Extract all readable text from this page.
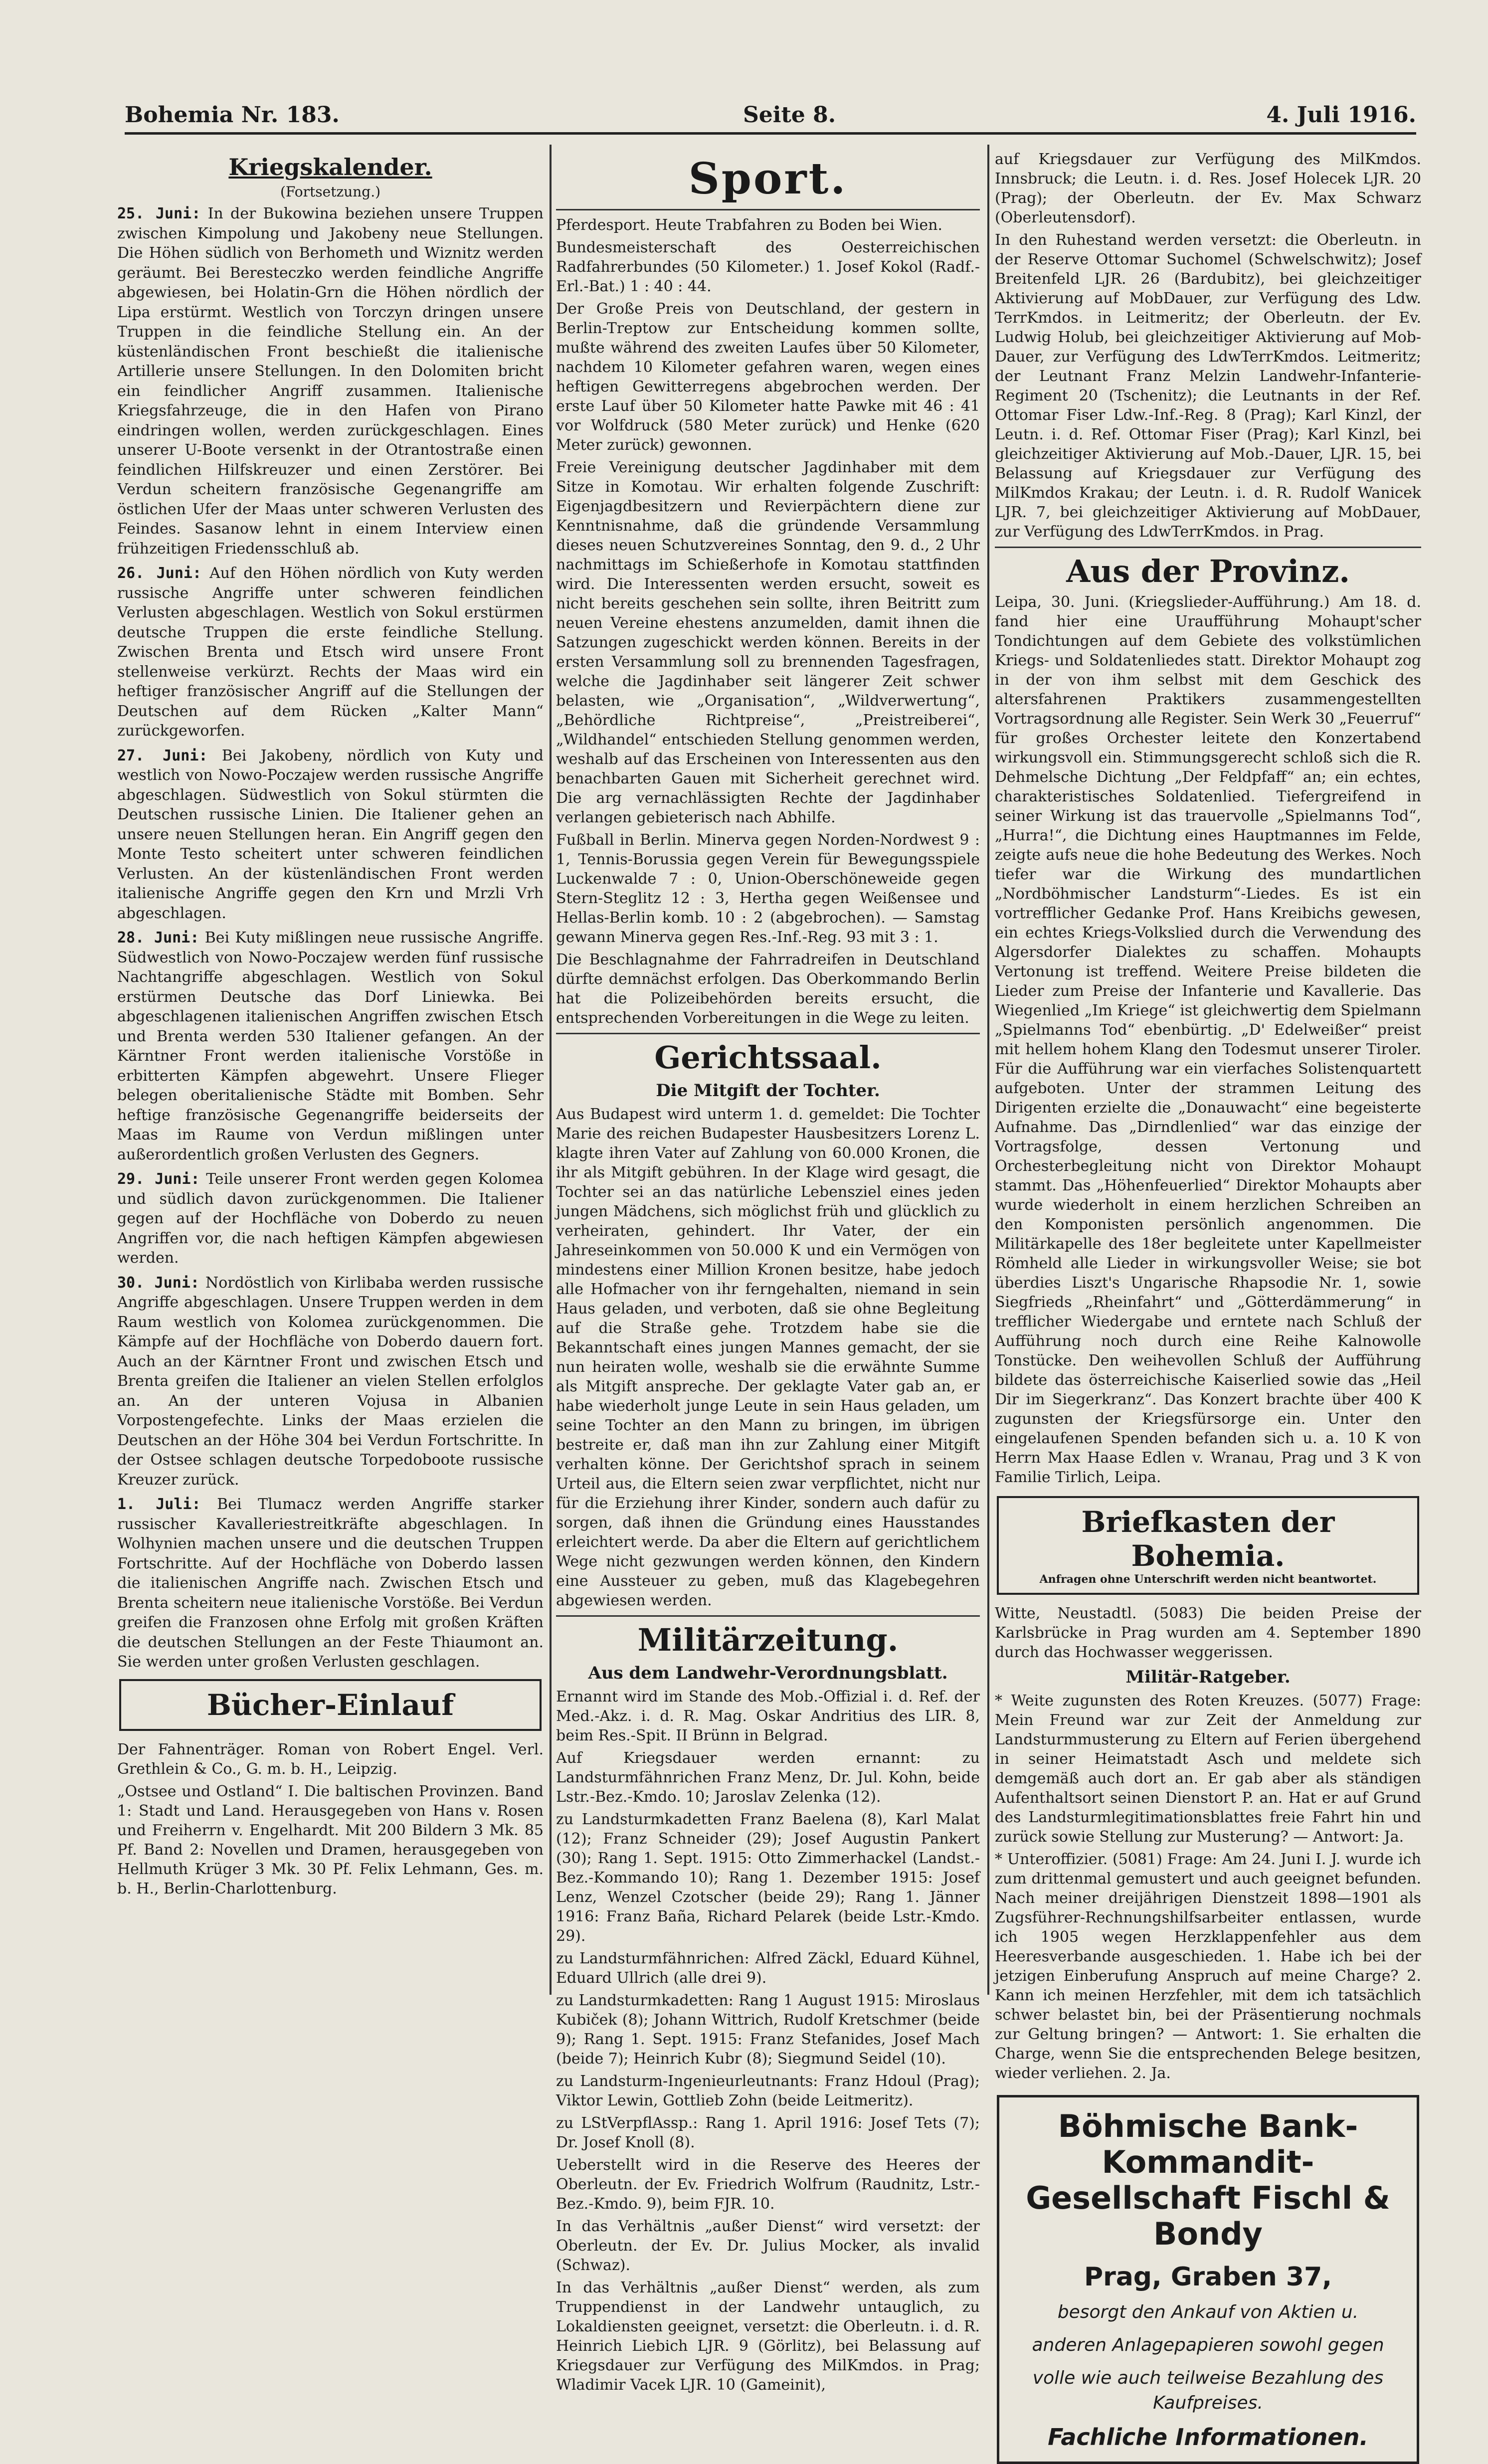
Bohemia Nr. 183.	Seite 8.	4. Juli 1916.
Kriegskalender.
(Fortsetzung.)
25. Juni: In der Bukowina beziehen unsere Truppen zwischen Kimpolung und Jakobeny neue Stellungen. Die Höhen südlich von Berhometh und Wiznitz werden geräumt. Bei Beresteczko werden feindliche Angriffe abgewiesen, bei Holatin-Grn die Höhen nördlich der Lipa erstürmt. Westlich von Torczyn dringen unsere Truppen in die feindliche Stellung ein. An der küstenländischen Front beschießt die italienische Artillerie unsere Stellungen. In den Dolomiten bricht ein feindlicher Angriff zusammen. Italienische Kriegsfahrzeuge, die in den Hafen von Pirano eindringen wollen, werden zurückgeschlagen. Eines unserer U-Boote versenkt in der Otrantostraße einen feindlichen Hilfskreuzer und einen Zerstörer. Bei Verdun scheitern französische Gegenangriffe am östlichen Ufer der Maas unter schweren Verlusten des Feindes. Sasanow lehnt in einem Interview einen frühzeitigen Friedensschluß ab.
26. Juni: Auf den Höhen nördlich von Kuty werden russische Angriffe unter schweren feindlichen Verlusten abgeschlagen. Westlich von Sokul erstürmen deutsche Truppen die erste feindliche Stellung. Zwischen Brenta und Etsch wird unsere Front stellenweise verkürzt. Rechts der Maas wird ein heftiger französischer Angriff auf die Stellungen der Deutschen auf dem Rücken „Kalter Mann“ zurückgeworfen.
27. Juni: Bei Jakobeny, nördlich von Kuty und westlich von Nowo-Poczajew werden russische Angriffe abgeschlagen. Südwestlich von Sokul stürmten die Deutschen russische Linien. Die Italiener gehen an unsere neuen Stellungen heran. Ein Angriff gegen den Monte Testo scheitert unter schweren feindlichen Verlusten. An der küstenländischen Front werden italienische Angriffe gegen den Krn und Mrzli Vrh abgeschlagen.
28. Juni: Bei Kuty mißlingen neue russische Angriffe. Südwestlich von Nowo-Poczajew werden fünf russische Nachtangriffe abgeschlagen. Westlich von Sokul erstürmen Deutsche das Dorf Liniewka. Bei abgeschlagenen italienischen Angriffen zwischen Etsch und Brenta werden 530 Italiener gefangen. An der Kärntner Front werden italienische Vorstöße in erbitterten Kämpfen abgewehrt. Unsere Flieger belegen oberitalienische Städte mit Bomben. Sehr heftige französische Gegenangriffe beiderseits der Maas im Raume von Verdun mißlingen unter außerordentlich großen Verlusten des Gegners.
29. Juni: Teile unserer Front werden gegen Kolomea und südlich davon zurückgenommen. Die Italiener gegen auf der Hochfläche von Doberdo zu neuen Angriffen vor, die nach heftigen Kämpfen abgewiesen werden.
30. Juni: Nordöstlich von Kirlibaba werden russische Angriffe abgeschlagen. Unsere Truppen werden in dem Raum westlich von Kolomea zurückgenommen. Die Kämpfe auf der Hochfläche von Doberdo dauern fort. Auch an der Kärntner Front und zwischen Etsch und Brenta greifen die Italiener an vielen Stellen erfolglos an. An der unteren Vojusa in Albanien Vorpostengefechte. Links der Maas erzielen die Deutschen an der Höhe 304 bei Verdun Fortschritte. In der Ostsee schlagen deutsche Torpedoboote russische Kreuzer zurück.
1. Juli: Bei Tlumacz werden Angriffe starker russischer Kavalleriestreitkräfte abgeschlagen. In Wolhynien machen unsere und die deutschen Truppen Fortschritte. Auf der Hochfläche von Doberdo lassen die italienischen Angriffe nach. Zwischen Etsch und Brenta scheitern neue italienische Vorstöße. Bei Verdun greifen die Franzosen ohne Erfolg mit großen Kräften die deutschen Stellungen an der Feste Thiaumont an. Sie werden unter großen Verlusten geschlagen.
Bücher-Einlauf

Der Fahnenträger. Roman von Robert Engel. Verl. Grethlein & Co., G. m. b. H., Leipzig.

„Ostsee und Ostland“ I. Die baltischen Provinzen. Band 1: Stadt und Land. Herausgegeben von Hans v. Rosen und Freiherrn v. Engelhardt. Mit 200 Bildern 3 Mk. 85 Pf. Band 2: Novellen und Dramen, herausgegeben von Hellmuth Krüger 3 Mk. 30 Pf. Felix Lehmann, Ges. m. b. H., Berlin-Charlottenburg.

Sport.

Pferdesport. Heute Trabfahren zu Boden bei Wien.

Bundesmeisterschaft des Oesterreichischen Radfahrerbundes (50 Kilometer.) 1. Josef Kokol (Radf.-Erl.-Bat.) 1 : 40 : 44.

Der Große Preis von Deutschland, der gestern in Berlin-Treptow zur Entscheidung kommen sollte, mußte während des zweiten Laufes über 50 Kilometer, nachdem 10 Kilometer gefahren waren, wegen eines heftigen Gewitterregens abgebrochen werden. Der erste Lauf über 50 Kilometer hatte Pawke mit 46 : 41 vor Wolfdruck (580 Meter zurück) und Henke (620 Meter zurück) gewonnen.

Freie Vereinigung deutscher Jagdinhaber mit dem Sitze in Komotau. Wir erhalten folgende Zuschrift: Eigenjagdbesitzern und Revierpächtern diene zur Kenntnisnahme, daß die gründende Versammlung dieses neuen Schutzvereines Sonntag, den 9. d., 2 Uhr nachmittags im Schießerhofe in Komotau stattfinden wird. Die Interessenten werden ersucht, soweit es nicht bereits geschehen sein sollte, ihren Beitritt zum neuen Vereine ehestens anzumelden, damit ihnen die Satzungen zugeschickt werden können. Bereits in der ersten Versammlung soll zu brennenden Tagesfragen, welche die Jagdinhaber seit längerer Zeit schwer belasten, wie „Organisation“, „Wildverwertung“, „Behördliche Richtpreise“, „Preistreiberei“, „Wildhandel“ entschieden Stellung genommen werden, weshalb auf das Erscheinen von Interessenten aus den benachbarten Gauen mit Sicherheit gerechnet wird. Die arg vernachlässigten Rechte der Jagdinhaber verlangen gebieterisch nach Abhilfe.

Fußball in Berlin. Minerva gegen Norden-Nordwest 9 : 1, Tennis-Borussia gegen Verein für Bewegungsspiele Luckenwalde 7 : 0, Union-Oberschöneweide gegen Stern-Steglitz 12 : 3, Hertha gegen Weißensee und Hellas-Berlin komb. 10 : 2 (abgebrochen). — Samstag gewann Minerva gegen Res.-Inf.-Reg. 93 mit 3 : 1.

Die Beschlagnahme der Fahrradreifen in Deutschland dürfte demnächst erfolgen. Das Oberkommando Berlin hat die Polizeibehörden bereits ersucht, die entsprechenden Vorbereitungen in die Wege zu leiten.

Gerichtssaal.
Die Mitgift der Tochter.

Aus Budapest wird unterm 1. d. gemeldet: Die Tochter Marie des reichen Budapester Hausbesitzers Lorenz L. klagte ihren Vater auf Zahlung von 60.000 Kronen, die ihr als Mitgift gebühren. In der Klage wird gesagt, die Tochter sei an das natürliche Lebensziel eines jeden jungen Mädchens, sich möglichst früh und glücklich zu verheiraten, gehindert. Ihr Vater, der ein Jahreseinkommen von 50.000 K und ein Vermögen von mindestens einer Million Kronen besitze, habe jedoch alle Hofmacher von ihr ferngehalten, niemand in sein Haus geladen, und verboten, daß sie ohne Begleitung auf die Straße gehe. Trotzdem habe sie die Bekanntschaft eines jungen Mannes gemacht, der sie nun heiraten wolle, weshalb sie die erwähnte Summe als Mitgift anspreche. Der geklagte Vater gab an, er habe wiederholt junge Leute in sein Haus geladen, um seine Tochter an den Mann zu bringen, im übrigen bestreite er, daß man ihn zur Zahlung einer Mitgift verhalten könne. Der Gerichtshof sprach in seinem Urteil aus, die Eltern seien zwar verpflichtet, nicht nur für die Erziehung ihrer Kinder, sondern auch dafür zu sorgen, daß ihnen die Gründung eines Hausstandes erleichtert werde. Da aber die Eltern auf gerichtlichem Wege nicht gezwungen werden können, den Kindern eine Aussteuer zu geben, muß das Klagebegehren abgewiesen werden.

Militärzeitung.
Aus dem Landwehr-Verordnungsblatt.

Ernannt wird im Stande des Mob.-Offizial i. d. Ref. der Med.-Akz. i. d. R. Mag. Oskar Andritius des LIR. 8, beim Res.-Spit. II Brünn in Belgrad.

Auf Kriegsdauer werden ernannt: zu Landsturmfähnrichen Franz Menz, Dr. Jul. Kohn, beide Lstr.-Bez.-Kmdo. 10; Jaroslav Zelenka (12).

zu Landsturmkadetten Franz Baelena (8), Karl Malat (12); Franz Schneider (29); Josef Augustin Pankert (30); Rang 1. Sept. 1915: Otto Zimmerhackel (Landst.-Bez.-Kommando 10); Rang 1. Dezember 1915: Josef Lenz, Wenzel Czotscher (beide 29); Rang 1. Jänner 1916: Franz Baña, Richard Pelarek (beide Lstr.-Kmdo. 29).

zu Landsturmfähnrichen: Alfred Zäckl, Eduard Kühnel, Eduard Ullrich (alle drei 9).

zu Landsturmkadetten: Rang 1 August 1915: Miroslaus Kubiček (8); Johann Wittrich, Rudolf Kretschmer (beide 9); Rang 1. Sept. 1915: Franz Stefanides, Josef Mach (beide 7); Heinrich Kubr (8); Siegmund Seidel (10).

zu Landsturm-Ingenieurleutnants: Franz Hdoul (Prag); Viktor Lewin, Gottlieb Zohn (beide Leitmeritz).

zu LStVerpflAssp.: Rang 1. April 1916: Josef Tets (7); Dr. Josef Knoll (8).

Ueberstellt wird in die Reserve des Heeres der Oberleutn. der Ev. Friedrich Wolfrum (Raudnitz, Lstr.-Bez.-Kmdo. 9), beim FJR. 10.

In das Verhältnis „außer Dienst“ wird versetzt: der Oberleutn. der Ev. Dr. Julius Mocker, als invalid (Schwaz).

In das Verhältnis „außer Dienst“ werden, als zum Truppendienst in der Landwehr untauglich, zu Lokaldiensten geeignet, versetzt: die Oberleutn. i. d. R. Heinrich Liebich LJR. 9 (Görlitz), bei Belassung auf Kriegsdauer zur Verfügung des MilKmdos. in Prag; Wladimir Vacek LJR. 10 (Gameinit),

auf Kriegsdauer zur Verfügung des MilKmdos. Innsbruck; die Leutn. i. d. Res. Josef Holecek LJR. 20 (Prag); der Oberleutn. der Ev. Max Schwarz (Oberleutensdorf).

In den Ruhestand werden versetzt: die Oberleutn. in der Reserve Ottomar Suchomel (Schwelschwitz); Josef Breitenfeld LJR. 26 (Bardubitz), bei gleichzeitiger Aktivierung auf MobDauer, zur Verfügung des Ldw. TerrKmdos. in Leitmeritz; der Oberleutn. der Ev. Ludwig Holub, bei gleichzeitiger Aktivierung auf Mob-Dauer, zur Verfügung des LdwTerrKmdos. Leitmeritz; der Leutnant Franz Melzin Landwehr-Infanterie-Regiment 20 (Tschenitz); die Leutnants in der Ref. Ottomar Fiser Ldw.-Inf.-Reg. 8 (Prag); Karl Kinzl, der Leutn. i. d. Ref. Ottomar Fiser (Prag); Karl Kinzl, bei gleichzeitiger Aktivierung auf Mob.-Dauer, LJR. 15, bei Belassung auf Kriegsdauer zur Verfügung des MilKmdos Krakau; der Leutn. i. d. R. Rudolf Wanicek LJR. 7, bei gleichzeitiger Aktivierung auf MobDauer, zur Verfügung des LdwTerrKmdos. in Prag.

Aus der Provinz.

Leipa, 30. Juni. (Kriegslieder-Aufführung.) Am 18. d. fand hier eine Uraufführung Mohaupt'scher Tondichtungen auf dem Gebiete des volkstümlichen Kriegs- und Soldatenliedes statt. Direktor Mohaupt zog in der von ihm selbst mit dem Geschick des altersfahrenen Praktikers zusammengestellten Vortragsordnung alle Register. Sein Werk 30 „Feuerruf“ für großes Orchester leitete den Konzertabend wirkungsvoll ein. Stimmungsgerecht schloß sich die R. Dehmelsche Dichtung „Der Feldpfaff“ an; ein echtes, charakteristisches Soldatenlied. Tiefergreifend in seiner Wirkung ist das trauervolle „Spielmanns Tod“, „Hurra!“, die Dichtung eines Hauptmannes im Felde, zeigte aufs neue die hohe Bedeutung des Werkes. Noch tiefer war die Wirkung des mundartlichen „Nordböhmischer Landsturm“-Liedes. Es ist ein vortrefflicher Gedanke Prof. Hans Kreibichs gewesen, ein echtes Kriegs-Volkslied durch die Verwendung des Algersdorfer Dialektes zu schaffen. Mohaupts Vertonung ist treffend. Weitere Preise bildeten die Lieder zum Preise der Infanterie und Kavallerie. Das Wiegenlied „Im Kriege“ ist gleichwertig dem Spielmann „Spielmanns Tod“ ebenbürtig. „D' Edelweißer“ preist mit hellem hohem Klang den Todesmut unserer Tiroler. Für die Aufführung war ein vierfaches Solistenquartett aufgeboten. Unter der strammen Leitung des Dirigenten erzielte die „Donauwacht“ eine begeisterte Aufnahme. Das „Dirndlenlied“ war das einzige der Vortragsfolge, dessen Vertonung und Orchesterbegleitung nicht von Direktor Mohaupt stammt. Das „Höhenfeuerlied“ Direktor Mohaupts aber wurde wiederholt in einem herzlichen Schreiben an den Komponisten persönlich angenommen. Die Militärkapelle des 18er begleitete unter Kapellmeister Römheld alle Lieder in wirkungsvoller Weise; sie bot überdies Liszt's Ungarische Rhapsodie Nr. 1, sowie Siegfrieds „Rheinfahrt“ und „Götterdämmerung“ in trefflicher Wiedergabe und erntete nach Schluß der Aufführung noch durch eine Reihe Kalnowolle Tonstücke. Den weihevollen Schluß der Aufführung bildete das österreichische Kaiserlied sowie das „Heil Dir im Siegerkranz“. Das Konzert brachte über 400 K zugunsten der Kriegsfürsorge ein. Unter den eingelaufenen Spenden befanden sich u. a. 10 K von Herrn Max Haase Edlen v. Wranau, Prag und 3 K von Familie Tirlich, Leipa.

Briefkasten der Bohemia.
Anfragen ohne Unterschrift werden nicht beantwortet.

Witte, Neustadtl. (5083) Die beiden Preise der Karlsbrücke in Prag wurden am 4. September 1890 durch das Hochwasser weggerissen.

Militär-Ratgeber.

* Weite zugunsten des Roten Kreuzes. (5077) Frage: Mein Freund war zur Zeit der Anmeldung zur Landsturmmusterung zu Eltern auf Ferien übergehend in seiner Heimatstadt Asch und meldete sich demgemäß auch dort an. Er gab aber als ständigen Aufenthaltsort seinen Dienstort P. an. Hat er auf Grund des Landsturmlegitimationsblattes freie Fahrt hin und zurück sowie Stellung zur Musterung? — Antwort: Ja.

* Unteroffizier. (5081) Frage: Am 24. Juni I. J. wurde ich zum drittenmal gemustert und auch geeignet befunden. Nach meiner dreijährigen Dienstzeit 1898—1901 als Zugsführer-Rechnungshilfsarbeiter entlassen, wurde ich 1905 wegen Herzklappenfehler aus dem Heeresverbande ausgeschieden. 1. Habe ich bei der jetzigen Einberufung Anspruch auf meine Charge? 2. Kann ich meinen Herzfehler, mit dem ich tatsächlich schwer belastet bin, bei der Präsentierung nochmals zur Geltung bringen? — Antwort: 1. Sie erhalten die Charge, wenn Sie die entsprechenden Belege besitzen, wieder verliehen. 2. Ja.

Böhmische Bank-Kommandit-
Gesellschaft Fischl & Bondy
Prag, Graben 37,
besorgt den Ankauf von Aktien u.
anderen Anlagepapieren sowohl gegen
volle wie auch teilweise Bezahlung des Kaufpreises.
Fachliche Informationen.
